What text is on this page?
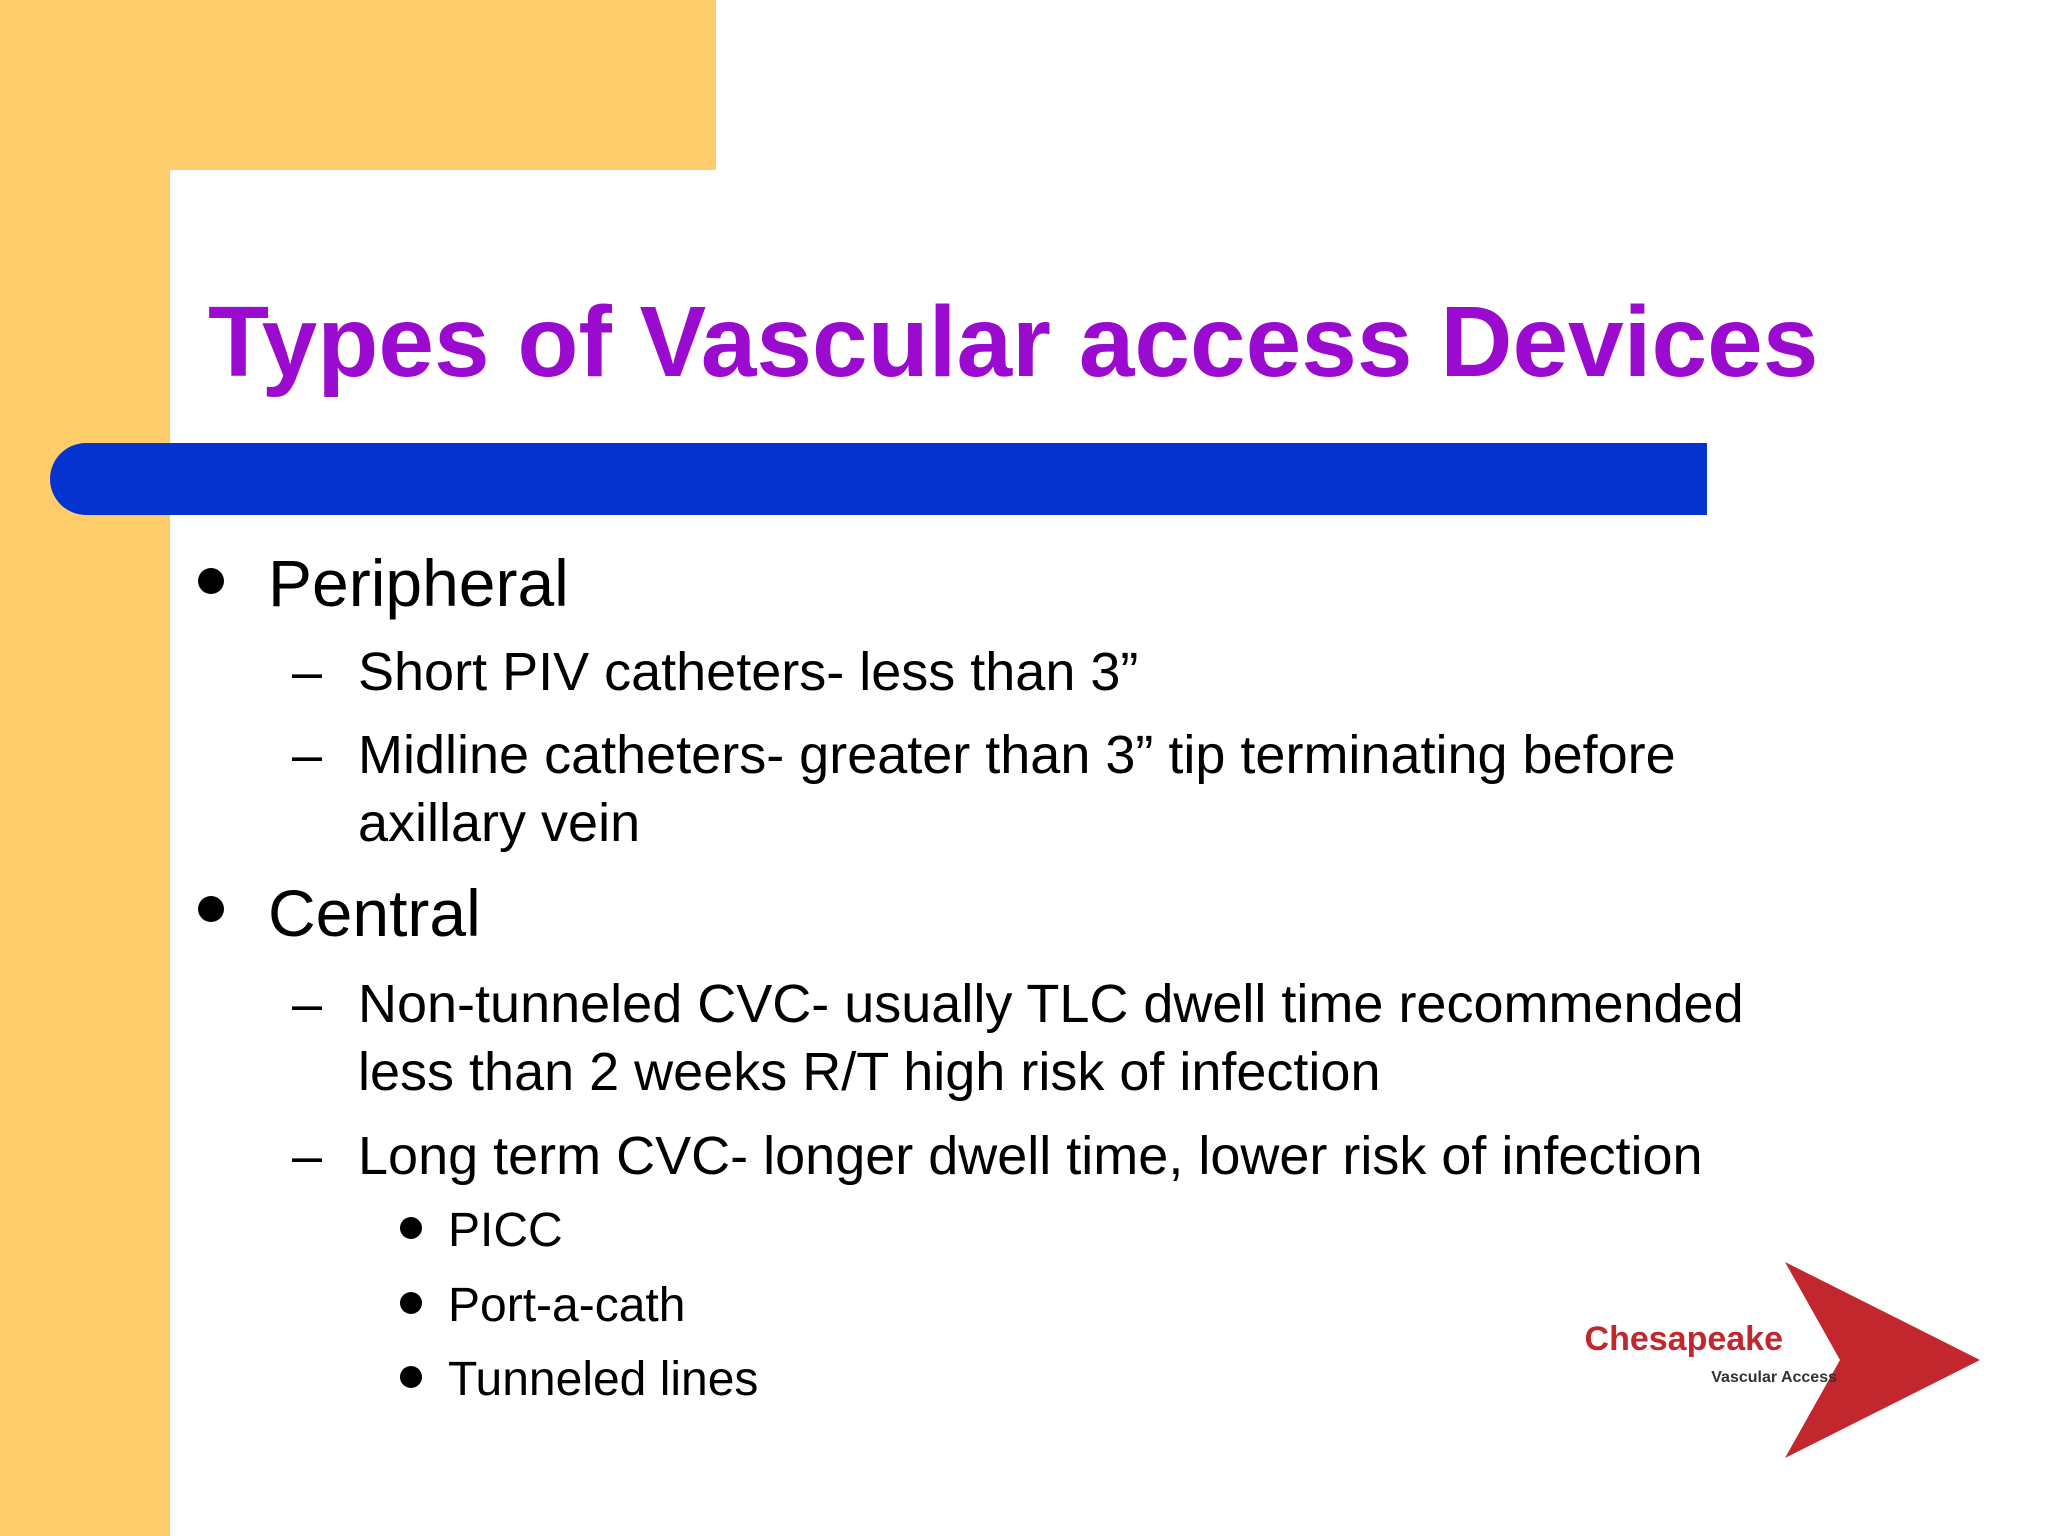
Types of Vascular access Devices
Peripheral
– Short PIV catheters- less than 3”
– Midline catheters- greater than 3” tip terminating before
axillary vein
Central
– Non-tunneled CVC- usually TLC dwell time recommended
less than 2 weeks R/T high risk of infection
– Long term CVC- longer dwell time, lower risk of infection
PICC
Port-a-cath
Tunneled lines
Chesapeake
Vascular Access
